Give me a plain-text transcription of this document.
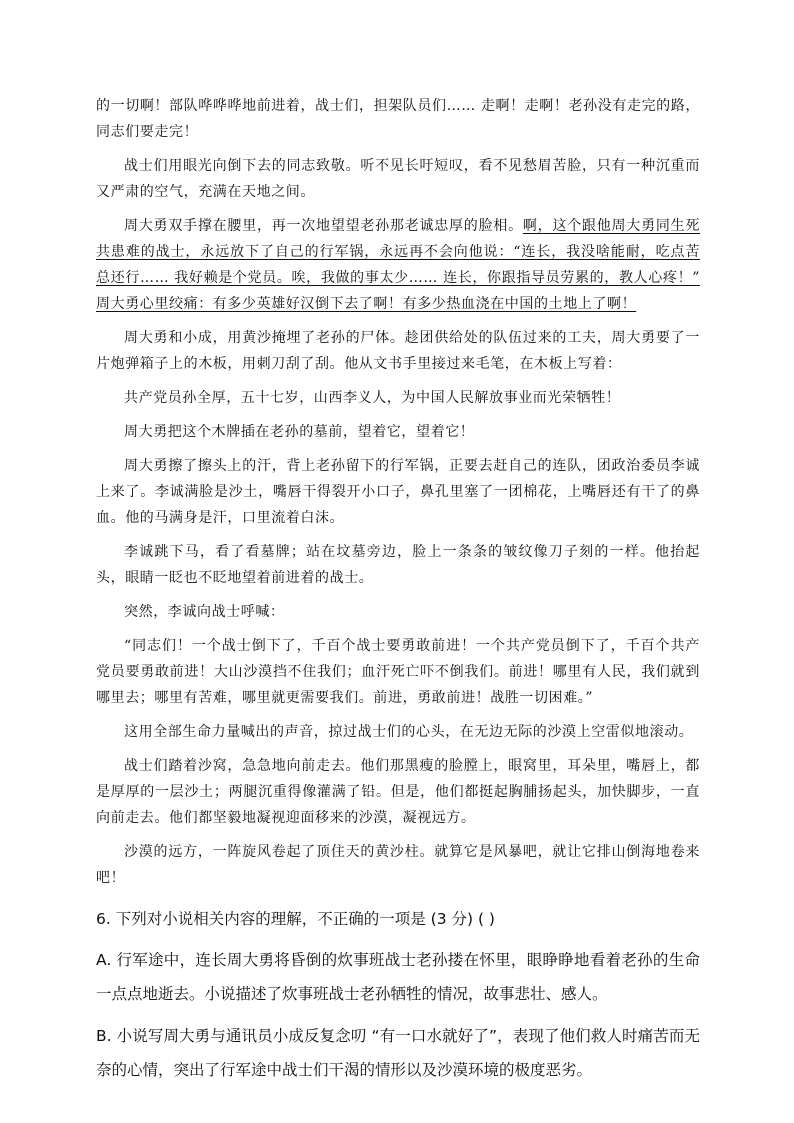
的一切啊！部队哗哗哗地前进着，战士们，担架队员们…… 走啊！走啊！老孙没有走完的路，同志们要走完！

战士们用眼光向倒下去的同志致敬。听不见长吁短叹，看不见愁眉苦脸，只有一种沉重而又严肃的空气，充满在天地之间。

周大勇双手撑在腰里，再一次地望望老孙那老诚忠厚的脸相。啊，这个跟他周大勇同生死共患难的战士，永远放下了自己的行军锅，永远再不会向他说：“连长，我没啥能耐，吃点苦总还行…… 我好赖是个党员。唉，我做的事太少…… 连长，你跟指导员劳累的，教人心疼！” 周大勇心里绞痛：有多少英雄好汉倒下去了啊！有多少热血浇在中国的土地上了啊！

周大勇和小成，用黄沙掩埋了老孙的尸体。趁团供给处的队伍过来的工夫，周大勇要了一片炮弹箱子上的木板，用刺刀刮了刮。他从文书手里接过来毛笔，在木板上写着：

共产党员孙全厚，五十七岁，山西李义人，为中国人民解放事业而光荣牺牲！

周大勇把这个木牌插在老孙的墓前，望着它，望着它！

周大勇擦了擦头上的汗，背上老孙留下的行军锅，正要去赶自己的连队，团政治委员李诚上来了。李诚满脸是沙土，嘴唇干得裂开小口子，鼻孔里塞了一团棉花，上嘴唇还有干了的鼻血。他的马满身是汗，口里流着白沫。

李诚跳下马，看了看墓牌；站在坟墓旁边，脸上一条条的皱纹像刀子刻的一样。他抬起头，眼睛一眨也不眨地望着前进着的战士。

突然，李诚向战士呼喊：

“同志们！一个战士倒下了，千百个战士要勇敢前进！一个共产党员倒下了，千百个共产党员要勇敢前进！大山沙漠挡不住我们；血汗死亡吓不倒我们。前进！哪里有人民，我们就到哪里去；哪里有苦难，哪里就更需要我们。前进，勇敢前进！战胜一切困难。”

这用全部生命力量喊出的声音，掠过战士们的心头，在无边无际的沙漠上空雷似地滚动。

战士们踏着沙窝，急急地向前走去。他们那黑瘦的脸膛上，眼窝里，耳朵里，嘴唇上，都是厚厚的一层沙土；两腿沉重得像灌满了铅。但是，他们都挺起胸脯扬起头，加快脚步，一直向前走去。他们都坚毅地凝视迎面移来的沙漠，凝视远方。

沙漠的远方，一阵旋风卷起了顶住天的黄沙柱。就算它是风暴吧，就让它排山倒海地卷来吧！

6. 下列对小说相关内容的理解，不正确的一项是 (3 分) ( )

A. 行军途中，连长周大勇将昏倒的炊事班战士老孙搂在怀里，眼睁睁地看着老孙的生命一点点地逝去。小说描述了炊事班战士老孙牺牲的情况，故事悲壮、感人。

B. 小说写周大勇与通讯员小成反复念叨 “有一口水就好了”，表现了他们救人时痛苦而无奈的心情，突出了行军途中战士们干渴的情形以及沙漠环境的极度恶劣。
